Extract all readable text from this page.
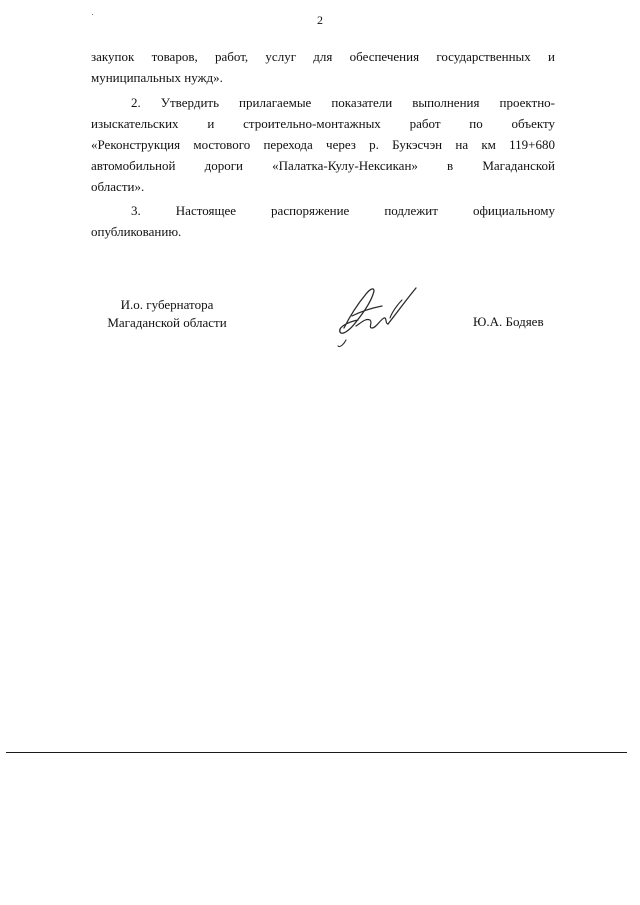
2
закупок товаров, работ, услуг для обеспечения государственных и
муниципальных нужд».
2. Утвердить прилагаемые показатели выполнения проектно-
изыскательских и строительно-монтажных работ по объекту
«Реконструкция мостового перехода через р. Букэсчэн на км 119+680
автомобильной дороги «Палатка-Кулу-Нексикан» в Магаданской
области».
3. Настоящее распоряжение подлежит официальному
опубликованию.
И.о. губернатора
Магаданской области	Ю.А. Бодяев
